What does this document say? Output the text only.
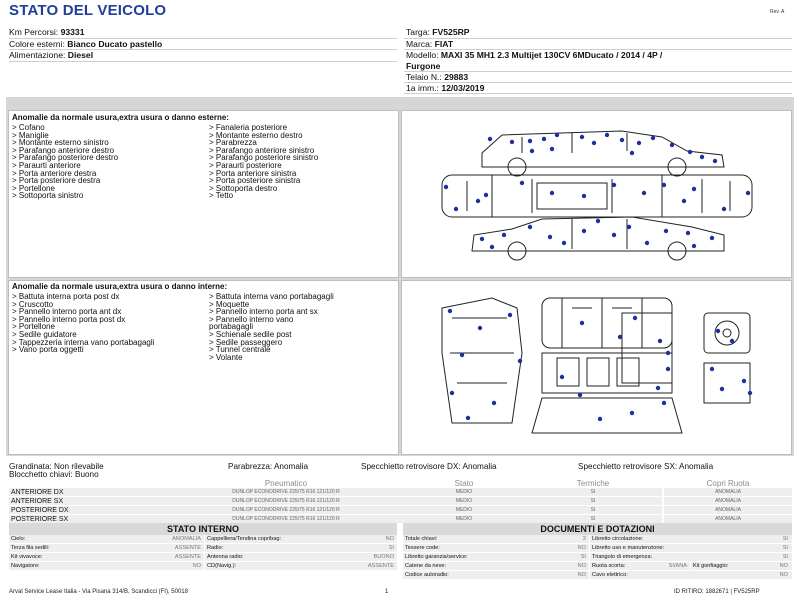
STATO DEL VEICOLO	Rev. A
Km Percorsi: 93331
Colore esterni: Bianco Ducato pastello
Alimentazione: Diesel
Targa: FV525RP
Marca: FIAT
Modello: MAXI 35 MH1 2.3 Multijet 130CV 6MDucato / 2014 / 4P /
Furgone
Telaio N.: 29883
1a imm.: 12/03/2019
Anomalie da normale usura,extra usura o danno esterne:
> Cofano
> Maniglie
> Montante esterno sinistro
> Parafango anteriore destro
> Parafango posteriore destro
> Paraurti anteriore
> Porta anteriore destra
> Porta posteriore destra
> Portellone
> Sottoporta sinistro
> Fanaleria posteriore
> Montante esterno destro
> Parabrezza
> Parafango anteriore sinistro
> Parafango posteriore sinistro
> Paraurti posteriore
> Porta anteriore sinistra
> Porta posteriore sinistra
> Sottoporta destro
> Tetto
Anomalie da normale usura,extra usura o danno interne:
> Battuta interna porta post dx
> Cruscotto
> Pannello interno porta ant dx
> Pannello interno porta post dx
> Portellone
> Sedile guidatore
> Tappezzeria interna vano portabagagli
> Vano porta oggetti
> Battuta interna vano portabagagli
> Moquette
> Pannello interno porta ant sx
> Pannello interno vano portabagagli
> Schienale sedile post
> Sedile passeggero
> Tunnel centrale
> Volante
Grandinata: Non rilevabile
Blocchetto chiavi: Buono
Parabrezza: Anomalia	Specchietto retrovisore DX: Anomalia	Specchietto retrovisore SX: Anomalia
Pneumatico	Stato	Termiche	Copri Ruota
ANTERIORE DX	DUNLOP ECONODRIVE 225/75 R16 121/120 R	MEDIO	SI	ANOMALIA
ANTERIORE SX	DUNLOP ECONODRIVE 225/75 R16 121/120 R	MEDIO	SI	ANOMALIA
POSTERIORE DX	DUNLOP ECONODRIVE 225/75 R16 121/120 R	MEDIO	SI	ANOMALIA
POSTERIORE SX	DUNLOP ECONODRIVE 225/75 R16 121/120 R	MEDIO	SI	ANOMALIA
STATO INTERNO
Cielo:	ANOMALIA Cappelliera/Tendina copribag:	NO
Terza fila sedili:	ASSENTE Radio:	SI
Kit vivavoce:	ASSENTE Antenna radio:	BUONO
Navigatore:	NO CD(Navig.):	ASSENTE
DOCUMENTI E DOTAZIONI
Totale chiavi:	2 Libretto circolazione:	SI
Tessere code:	NO Libretto uso e manutenzione:	SI
Libretto garanzia/service:	SI Triangolo di emergenza:	SI
Catene da neve:	NO Ruota scorta:	SI/ANA Kit gonfiaggio:	NO
Codice autoradio:	NO Cavo elettrico:	NO
Arval Service Lease Italia - Via Pisana 314/B, Scandicci (FI), 50018	1	ID RITIRO: 1882671 | FV525RP
